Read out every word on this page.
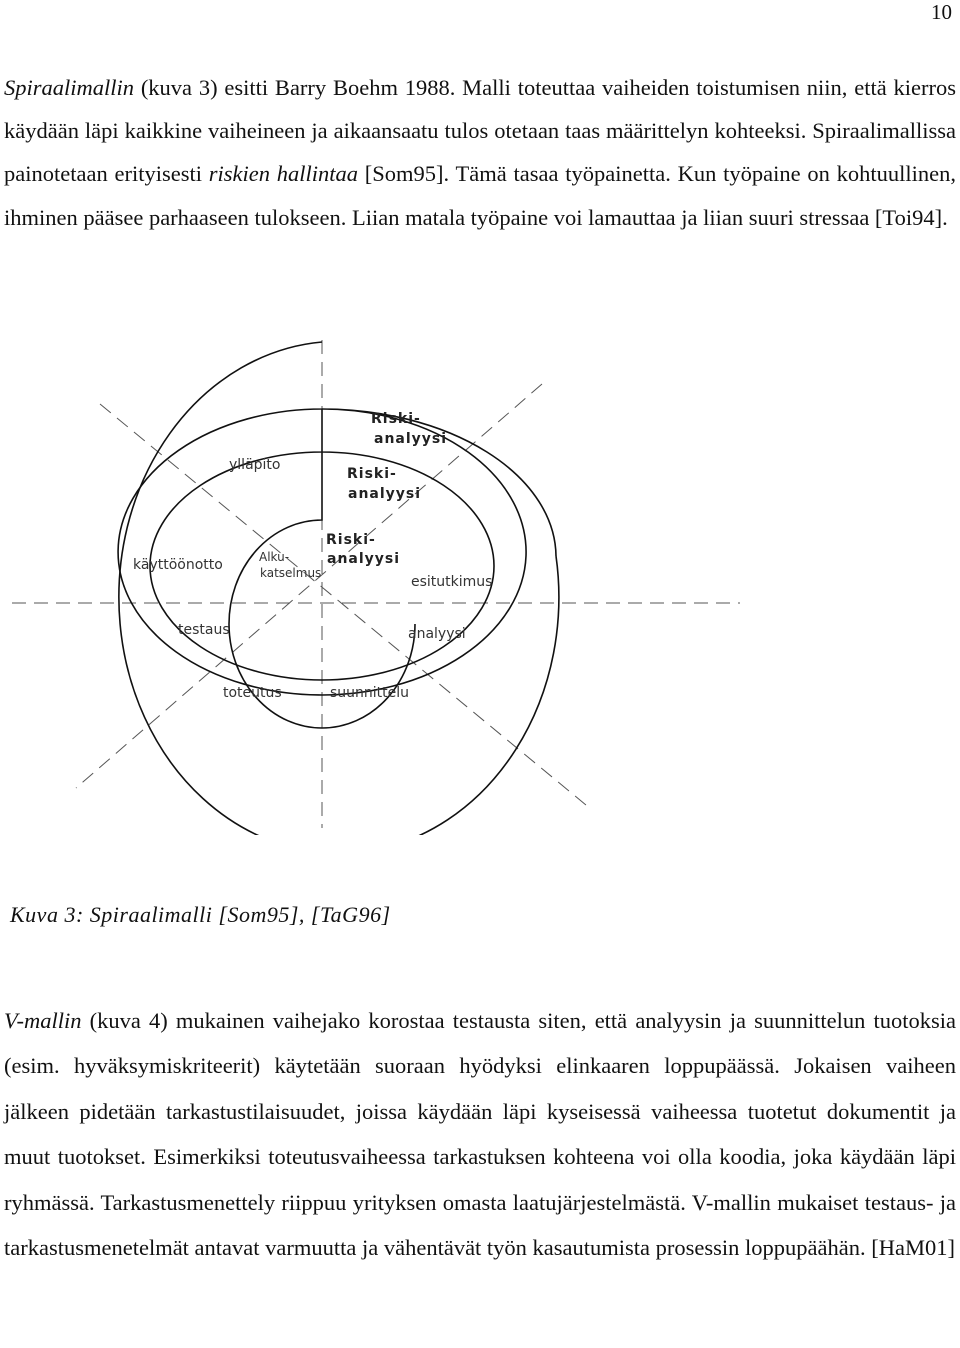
10

Spiraalimallin (kuva 3) esitti Barry Boehm 1988. Malli toteuttaa vaiheiden toistumisen niin, että kierros käydään läpi kaikkine vaiheineen ja aikaansaatu tulos otetaan taas määrittelyn kohteeksi. Spiraalimallissa painotetaan erityisesti riskien hallintaa [Som95]. Tämä tasaa työpainetta. Kun työpaine on kohtuullinen, ihminen pääsee parhaaseen tulokseen. Liian matala työpaine voi lamauttaa ja liian suuri stressaa [Toi94].

Riski-
analyysi
ylläpito
Riski-
analyysi
Riski-
analyysi
käyttöönotto	Alku-
katselmus
esitutkimus
testaus	analyysi
toteutus	suunnittelu
Kuva 3: Spiraalimalli [Som95], [TaG96]

V-mallin (kuva 4) mukainen vaihejako korostaa testausta siten, että analyysin ja suunnittelun tuotoksia (esim. hyväksymiskriteerit) käytetään suoraan hyödyksi elinkaaren loppupäässä. Jokaisen vaiheen jälkeen pidetään tarkastustilaisuudet, joissa käydään läpi kyseisessä vaiheessa tuotetut dokumentit ja muut tuotokset. Esimerkiksi toteutusvaiheessa tarkastuksen kohteena voi olla koodia, joka käydään läpi ryhmässä. Tarkastusmenettely riippuu yrityksen omasta laatujärjestelmästä. V-mallin mukaiset testaus- ja tarkastusmenetelmät antavat varmuutta ja vähentävät työn kasautumista prosessin loppupäähän. [HaM01]
